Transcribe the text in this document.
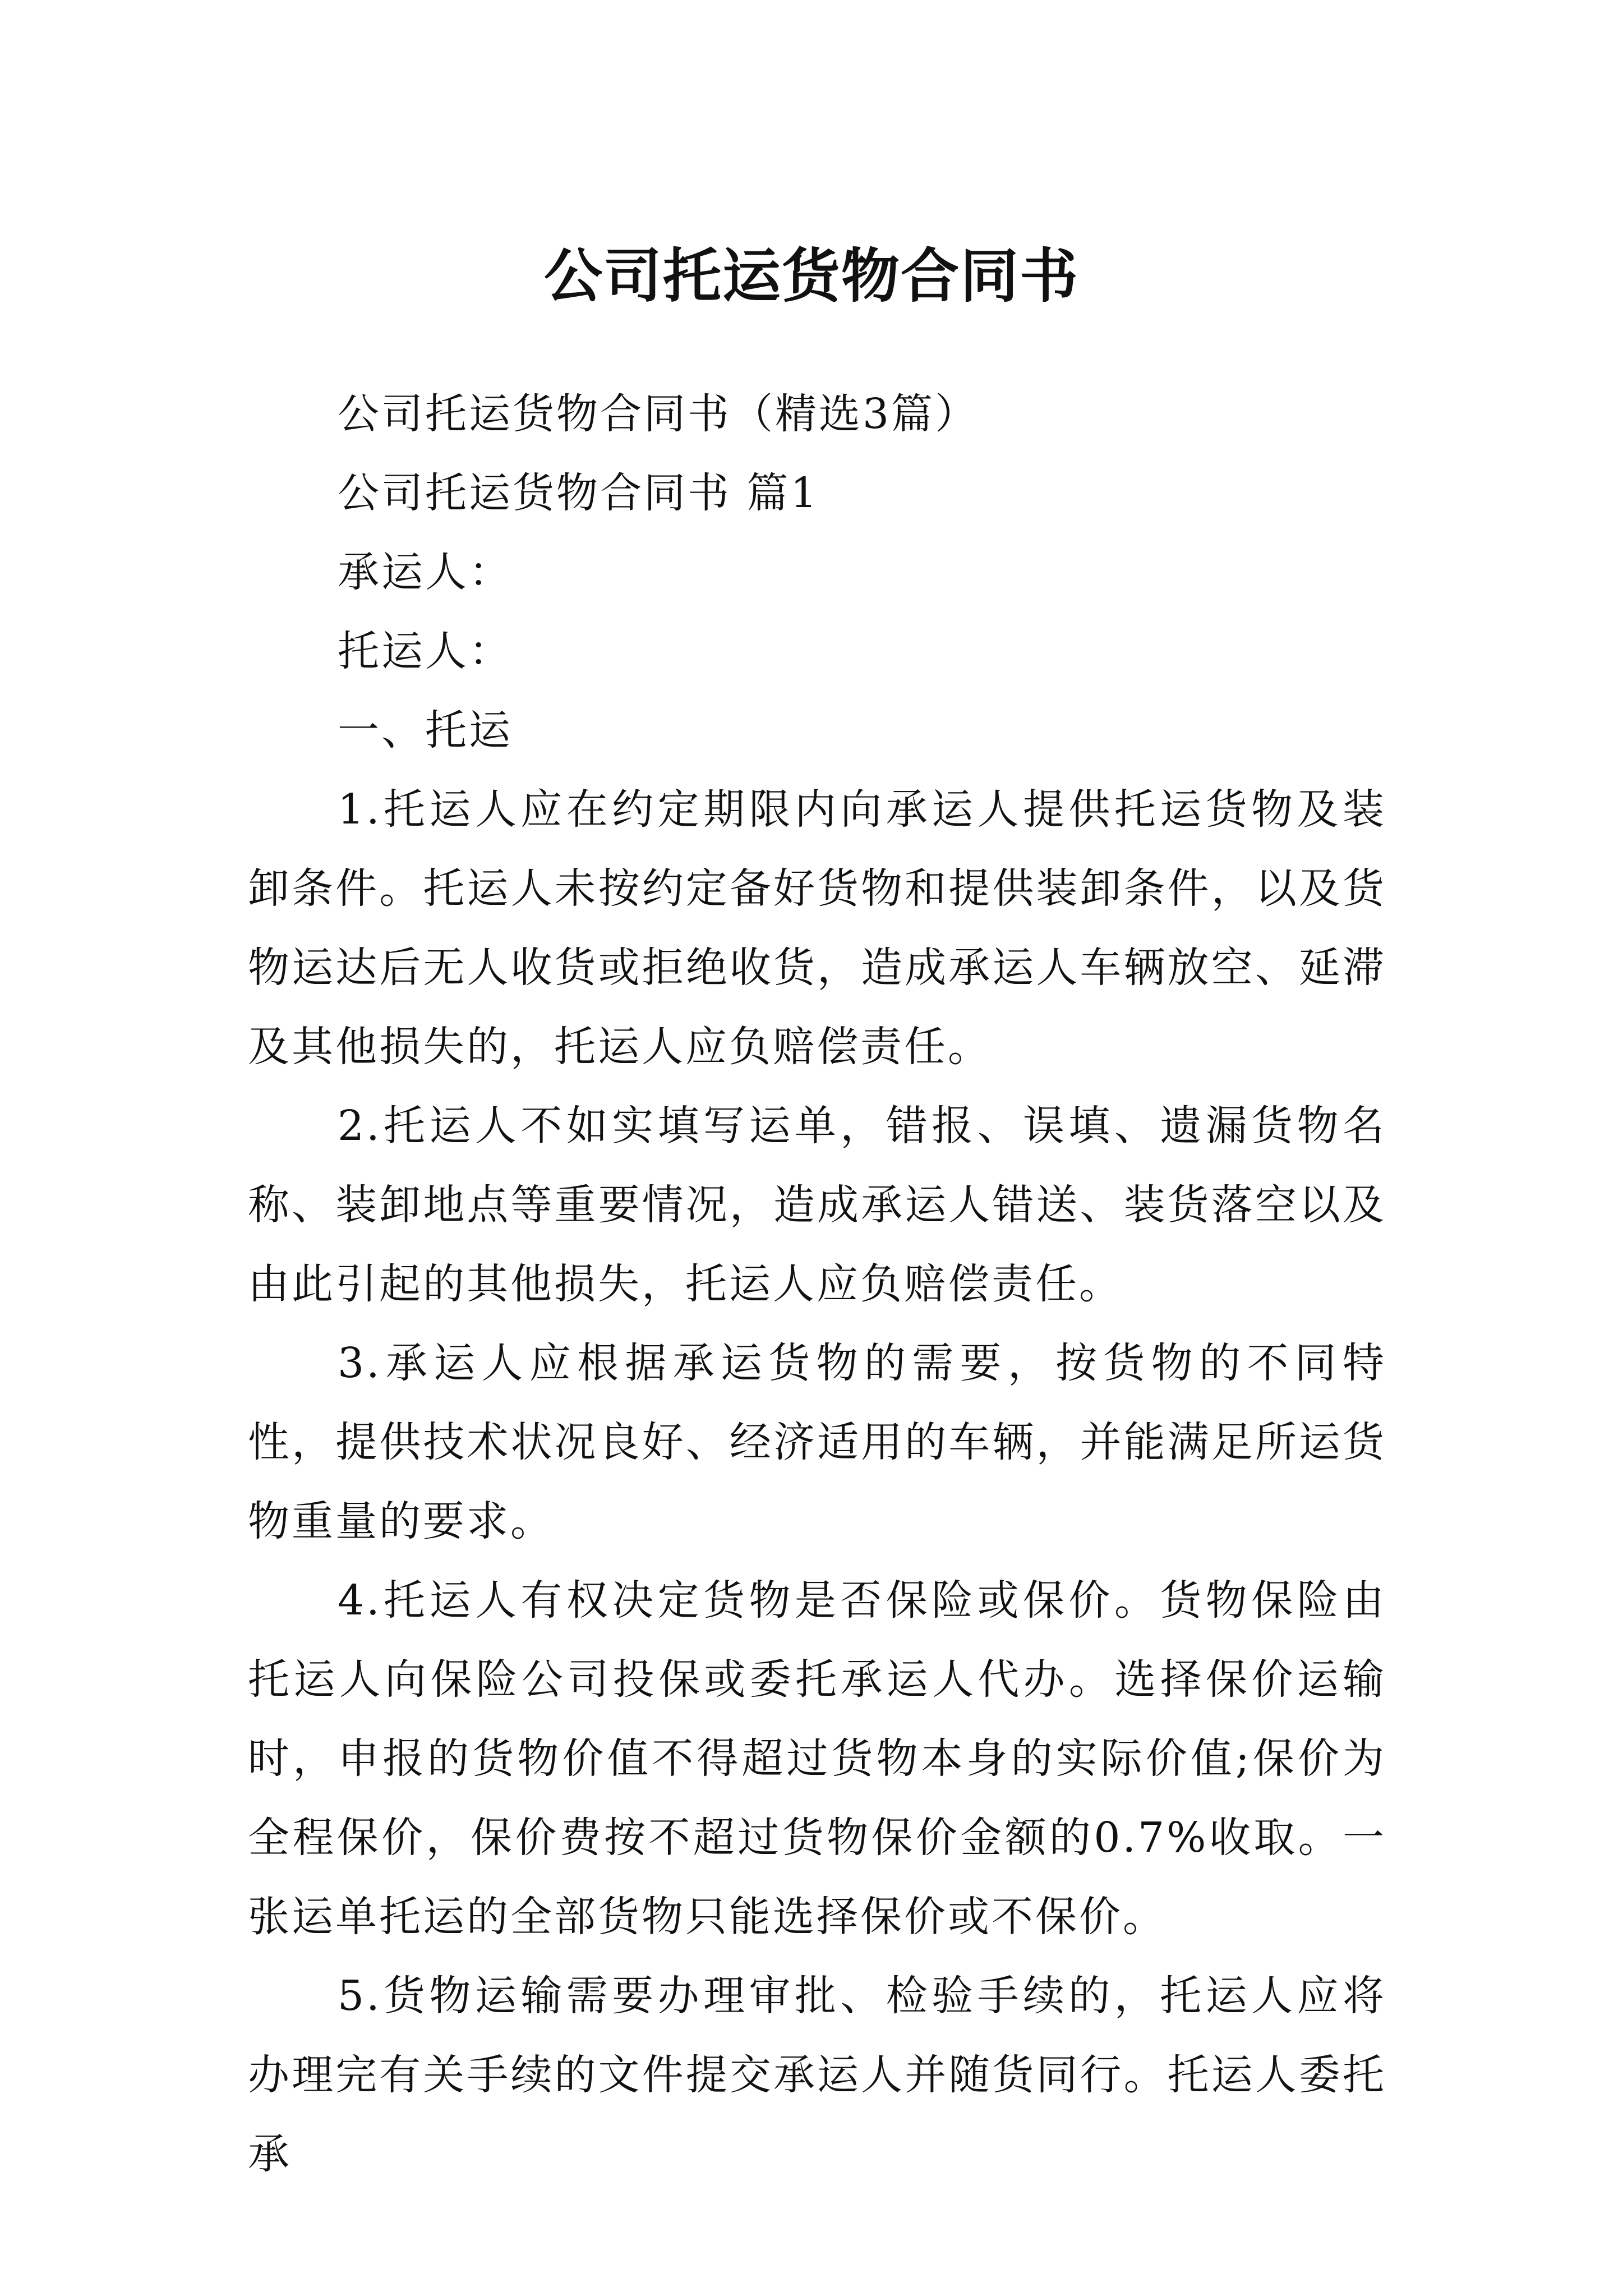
公司托运货物合同书

公司托运货物合同书（精选3篇）

公司托运货物合同书 篇1

承运人：

托运人：

一、托运

1.托运人应在约定期限内向承运人提供托运货物及装卸条件。托运人未按约定备好货物和提供装卸条件，以及货物运达后无人收货或拒绝收货，造成承运人车辆放空、延滞及其他损失的，托运人应负赔偿责任。

2.托运人不如实填写运单，错报、误填、遗漏货物名称、装卸地点等重要情况，造成承运人错送、装货落空以及由此引起的其他损失，托运人应负赔偿责任。

3.承运人应根据承运货物的需要，按货物的不同特性，提供技术状况良好、经济适用的车辆，并能满足所运货物重量的要求。

4.托运人有权决定货物是否保险或保价。货物保险由托运人向保险公司投保或委托承运人代办。选择保价运输时，申报的货物价值不得超过货物本身的实际价值;保价为全程保价，保价费按不超过货物保价金额的0.7%收取。一张运单托运的全部货物只能选择保价或不保价。

5.货物运输需要办理审批、检验手续的，托运人应将办理完有关手续的文件提交承运人并随货同行。托运人委托承
